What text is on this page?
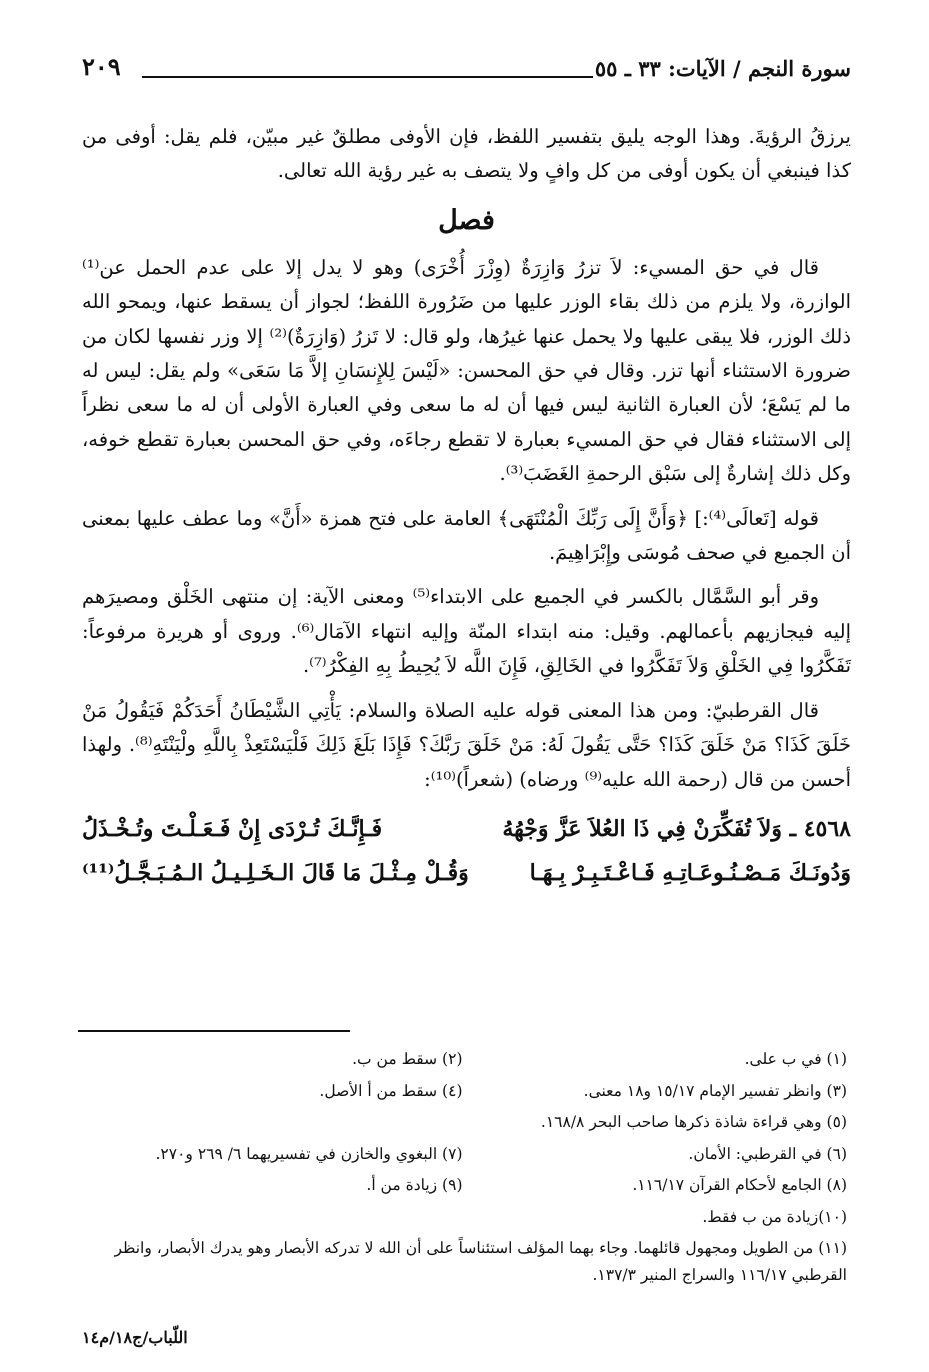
سورة النجم / الآيات: ٣٣ ـ ٥٥
٢٠٩

يرزقُ الرؤيةَ. وهذا الوجه يليق بتفسير اللفظ، فإن الأوفى مطلقٌ غير مبيّن، فلم يقل: أوفى من كذا فينبغي أن يكون أوفى من كل وافٍ ولا يتصف به غير رؤية الله تعالى.

فصل

قال في حق المسيء: لاَ تزرُ وَازِرَةٌ (وِزْرَ أُخْرَى) وهو لا يدل إلا على عدم الحمل عن⁽¹⁾ الوازرة، ولا يلزم من ذلك بقاء الوزر عليها من ضَرُورة اللفظ؛ لجواز أن يسقط عنها، ويمحو الله ذلك الوزر، فلا يبقى عليها ولا يحمل عنها غيرُها، ولو قال: لا تَزرُ (وَازِرَةٌ)⁽²⁾ إلا وزر نفسها لكان من ضرورة الاستثناء أنها تزر. وقال في حق المحسن: «لَيْسَ لِلإِنسَانِ إلاَّ مَا سَعَى» ولم يقل: ليس له ما لم يَسْعَ؛ لأن العبارة الثانية ليس فيها أن له ما سعى وفي العبارة الأولى أن له ما سعى نظراً إلى الاستثناء فقال في حق المسيء بعبارة لا تقطع رجاءَه، وفي حق المحسن بعبارة تقطع خوفه، وكل ذلك إشارةٌ إلى سَبْق الرحمةِ الغَضَبَ⁽³⁾.

قوله [تَعالَى⁽⁴⁾:] ﴿وَأَنَّ إِلَى رَبِّكَ الْمُنْتَهَى﴾ العامة على فتح همزة «أَنَّ» وما عطف عليها بمعنى أن الجميع في صحف مُوسَى وإِبْرَاهِيمَ.

وقر أبو السَّمَّال بالكسر في الجميع على الابتداء⁽⁵⁾ ومعنى الآية: إن منتهى الخَلْق ومصيرَهم إليه فيجازيهم بأعمالهم. وقيل: منه ابتداء المنّة وإليه انتهاء الآمَال⁽⁶⁾. وروى أو هريرة مرفوعاً: تَفَكَّرُوا فِي الخَلْقِ وَلاَ تَفَكَّرُوا في الخَالِقِ، فَإِنَ اللَّه لاَ يُحِيطُ بِهِ الفِكْرُ⁽⁷⁾.

قال القرطبيّ: ومن هذا المعنى قوله عليه الصلاة والسلام: يَأْتِي الشَّيْطَانُ أَحَدَكُمْ فَيَقُولُ مَنْ خَلَقَ كَذَا؟ مَنْ خَلَقَ كَذَا؟ حَتَّى يَقُولَ لَهُ: مَنْ خَلَقَ رَبَّكَ؟ فَإِذَا بَلَغَ ذَلِكَ فَلْيَسْتَعِذْ بِاللَّهِ ولْيَنْتَهِ⁽⁸⁾. ولهذا أحسن من قال (رحمة الله عليه⁽⁹⁾ ورضاه) (شعراً)⁽¹⁰⁾:

٤٥٦٨ ـ وَلاَ تُفَكِّرَنْ فِي ذَا العُلاَ عَزَّ وَجْهُهُ
فَـإِنَّـكَ تُـرْدَى إِنْ فَـعَـلْـتَ وتُـخْـذَلُ
وَدُونَـكَ مَـصْـنُـوعَـاتِـهِ فَـاعْـتَـبِـرْ بِـهَـا
وَقُـلْ مِـثْـلَ مَا قَالَ الـخَـلِـيـلُ الـمُـبَـجَّـلُ⁽¹¹⁾
(١) في ب على.
(٢) سقط من ب.
(٣) وانظر تفسير الإمام ١٥/١٧ و١٨ معنى.
(٤) سقط من أ الأصل.
(٥) وهي قراءة شاذة ذكرها صاحب البحر ١٦٨/٨.
(٦) في القرطبي: الأمان.
(٧) البغوي والخازن في تفسيريهما ٦/ ٢٦٩ و٢٧٠.
(٨) الجامع لأحكام القرآن ١١٦/١٧.
(٩) زيادة من أ.
(١٠)زيادة من ب فقط.
(١١) من الطويل ومجهول قائلهما. وجاء بهما المؤلف استئناساً على أن الله لا تدركه الأبصار وهو يدرك الأبصار، وانظر القرطبي ١١٦/١٧ والسراج المنير ١٣٧/٣.
اللّباب/ج١٨/م١٤
